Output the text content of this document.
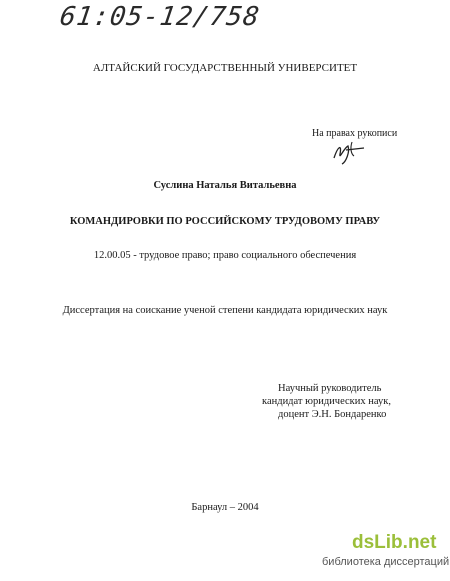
61:05-12/758
АЛТАЙСКИЙ ГОСУДАРСТВЕННЫЙ УНИВЕРСИТЕТ
На правах рукописи
Суслина Наталья Витальевна
КОМАНДИРОВКИ ПО РОССИЙСКОМУ ТРУДОВОМУ ПРАВУ
12.00.05 - трудовое право; право социального обеспечения
Диссертация на соискание ученой степени кандидата юридических наук
Научный руководитель
кандидат юридических наук,
доцент Э.Н. Бондаренко
Барнаул – 2004
dsLib.net
библиотека диссертаций
